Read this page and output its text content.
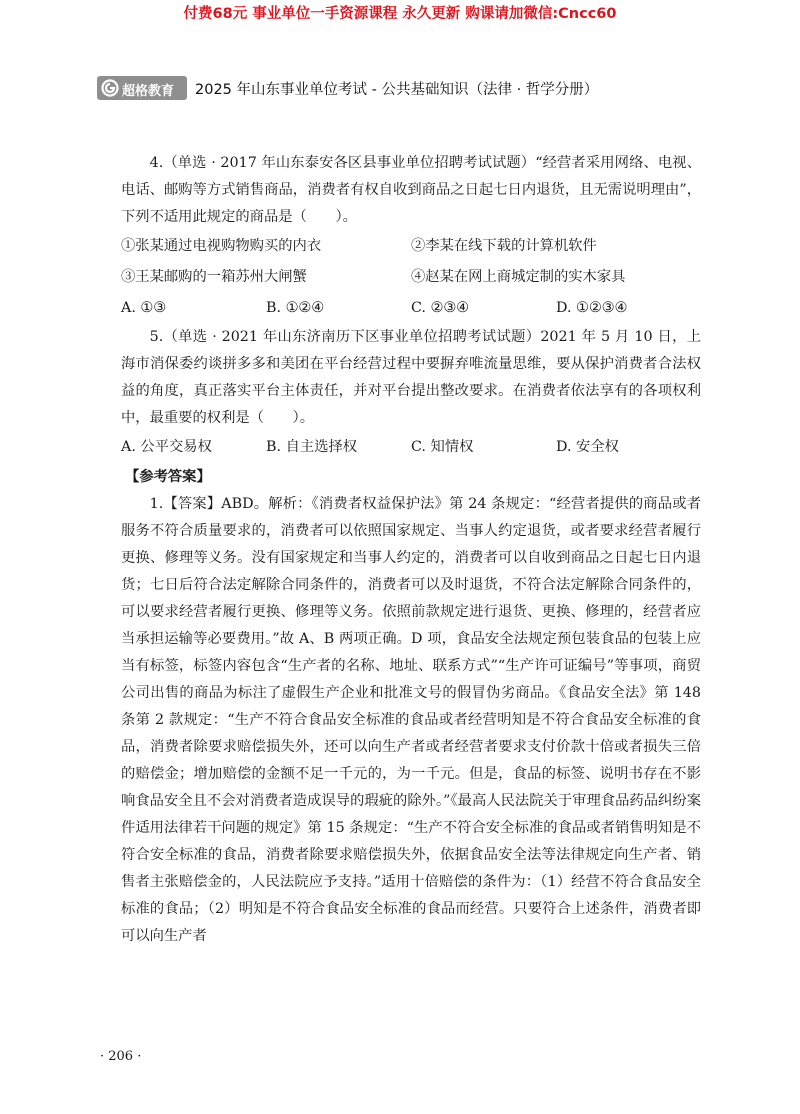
付费68元 事业单位一手资源课程 永久更新 购课请加微信:Cncc60
超格教育 2025 年山东事业单位考试 - 公共基础知识（法律 · 哲学分册）

4.（单选 · 2017 年山东泰安各区县事业单位招聘考试试题）“经营者采用网络、电视、电话、邮购等方式销售商品，消费者有权自收到商品之日起七日内退货，且无需说明理由”，下列不适用此规定的商品是（　　）。

①张某通过电视购物购买的内衣	②李某在线下载的计算机软件
③王某邮购的一箱苏州大闸蟹	④赵某在网上商城定制的实木家具
A. ①③	B. ①②④	C. ②③④	D. ①②③④

5.（单选 · 2021 年山东济南历下区事业单位招聘考试试题）2021 年 5 月 10 日，上海市消保委约谈拼多多和美团在平台经营过程中要摒弃唯流量思维，要从保护消费者合法权益的角度，真正落实平台主体责任，并对平台提出整改要求。在消费者依法享有的各项权利中，最重要的权利是（　　）。

A. 公平交易权	B. 自主选择权	C. 知情权	D. 安全权

【参考答案】

1.【答案】ABD。解析：《消费者权益保护法》第 24 条规定：“经营者提供的商品或者服务不符合质量要求的，消费者可以依照国家规定、当事人约定退货，或者要求经营者履行更换、修理等义务。没有国家规定和当事人约定的，消费者可以自收到商品之日起七日内退货；七日后符合法定解除合同条件的，消费者可以及时退货，不符合法定解除合同条件的，可以要求经营者履行更换、修理等义务。依照前款规定进行退货、更换、修理的，经营者应当承担运输等必要费用。”故 A、B 两项正确。D 项，食品安全法规定预包装食品的包装上应当有标签，标签内容包含“生产者的名称、地址、联系方式”“生产许可证编号”等事项，商贸公司出售的商品为标注了虚假生产企业和批准文号的假冒伪劣商品。《食品安全法》第 148 条第 2 款规定：“生产不符合食品安全标准的食品或者经营明知是不符合食品安全标准的食品，消费者除要求赔偿损失外，还可以向生产者或者经营者要求支付价款十倍或者损失三倍的赔偿金；增加赔偿的金额不足一千元的，为一千元。但是，食品的标签、说明书存在不影响食品安全且不会对消费者造成误导的瑕疵的除外。”《最高人民法院关于审理食品药品纠纷案件适用法律若干问题的规定》第 15 条规定：“生产不符合安全标准的食品或者销售明知是不符合安全标准的食品，消费者除要求赔偿损失外，依据食品安全法等法律规定向生产者、销售者主张赔偿金的，人民法院应予支持。”适用十倍赔偿的条件为：（1）经营不符合食品安全标准的食品；（2）明知是不符合食品安全标准的食品而经营。只要符合上述条件，消费者即可以向生产者

· 206 ·
